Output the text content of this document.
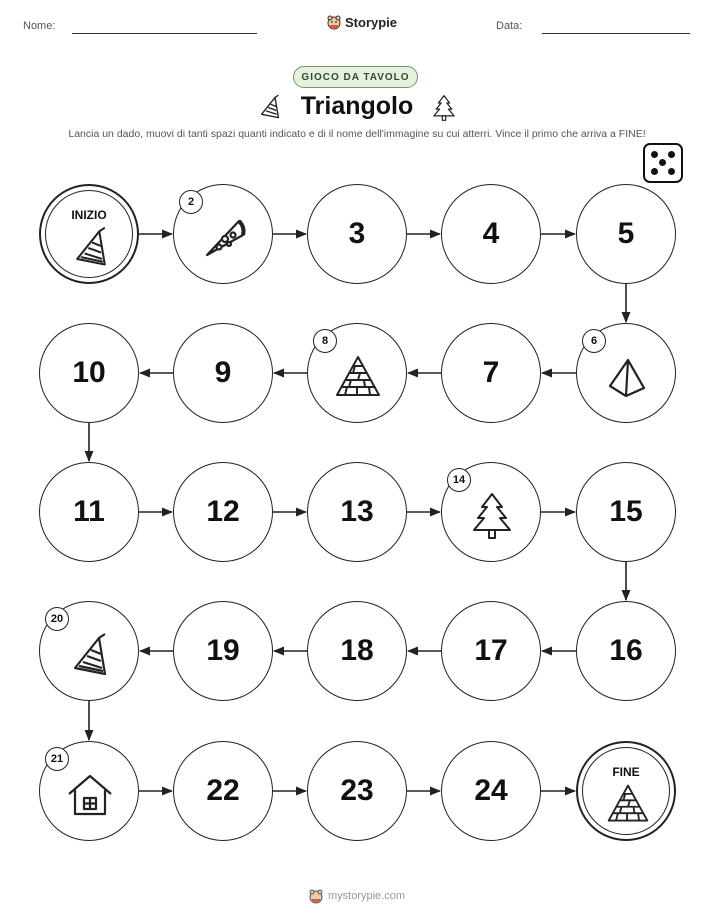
Nome:	Storypie	Data:
GIOCO DA TAVOLO
Triangolo
Lancia un dado, muovi di tanti spazi quanti indicato e di il nome dell'immagine su cui atterri. Vince il primo che arriva a FINE!
INIZIO
2
3	4	5
6
7
8
9
10
11	12	13
14
15
16
17
18
19
20
21
22	23	24
FINE
mystorypie.com
